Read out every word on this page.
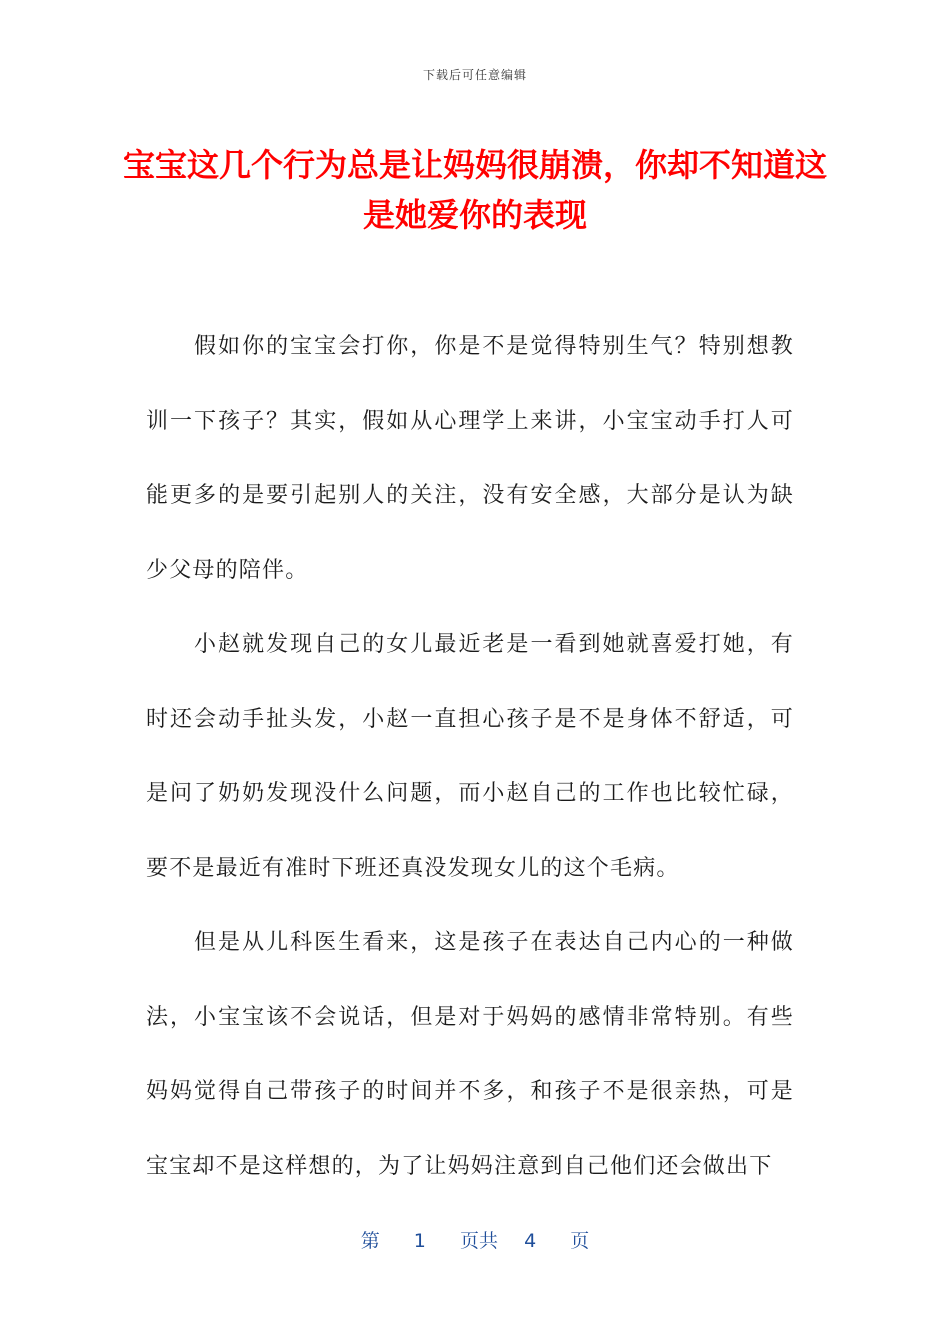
下载后可任意编辑
宝宝这几个行为总是让妈妈很崩溃，你却不知道这是她爱你的表现

假如你的宝宝会打你，你是不是觉得特别生气？特别想教训一下孩子？其实，假如从心理学上来讲，小宝宝动手打人可能更多的是要引起别人的关注，没有安全感，大部分是认为缺少父母的陪伴。

小赵就发现自己的女儿最近老是一看到她就喜爱打她，有时还会动手扯头发，小赵一直担心孩子是不是身体不舒适，可是问了奶奶发现没什么问题，而小赵自己的工作也比较忙碌，要不是最近有准时下班还真没发现女儿的这个毛病。

但是从儿科医生看来，这是孩子在表达自己内心的一种做法，小宝宝该不会说话，但是对于妈妈的感情非常特别。有些妈妈觉得自己带孩子的时间并不多，和孩子不是很亲热，可是宝宝却不是这样想的，为了让妈妈注意到自己他们还会做出下

第 1 页共 4 页
